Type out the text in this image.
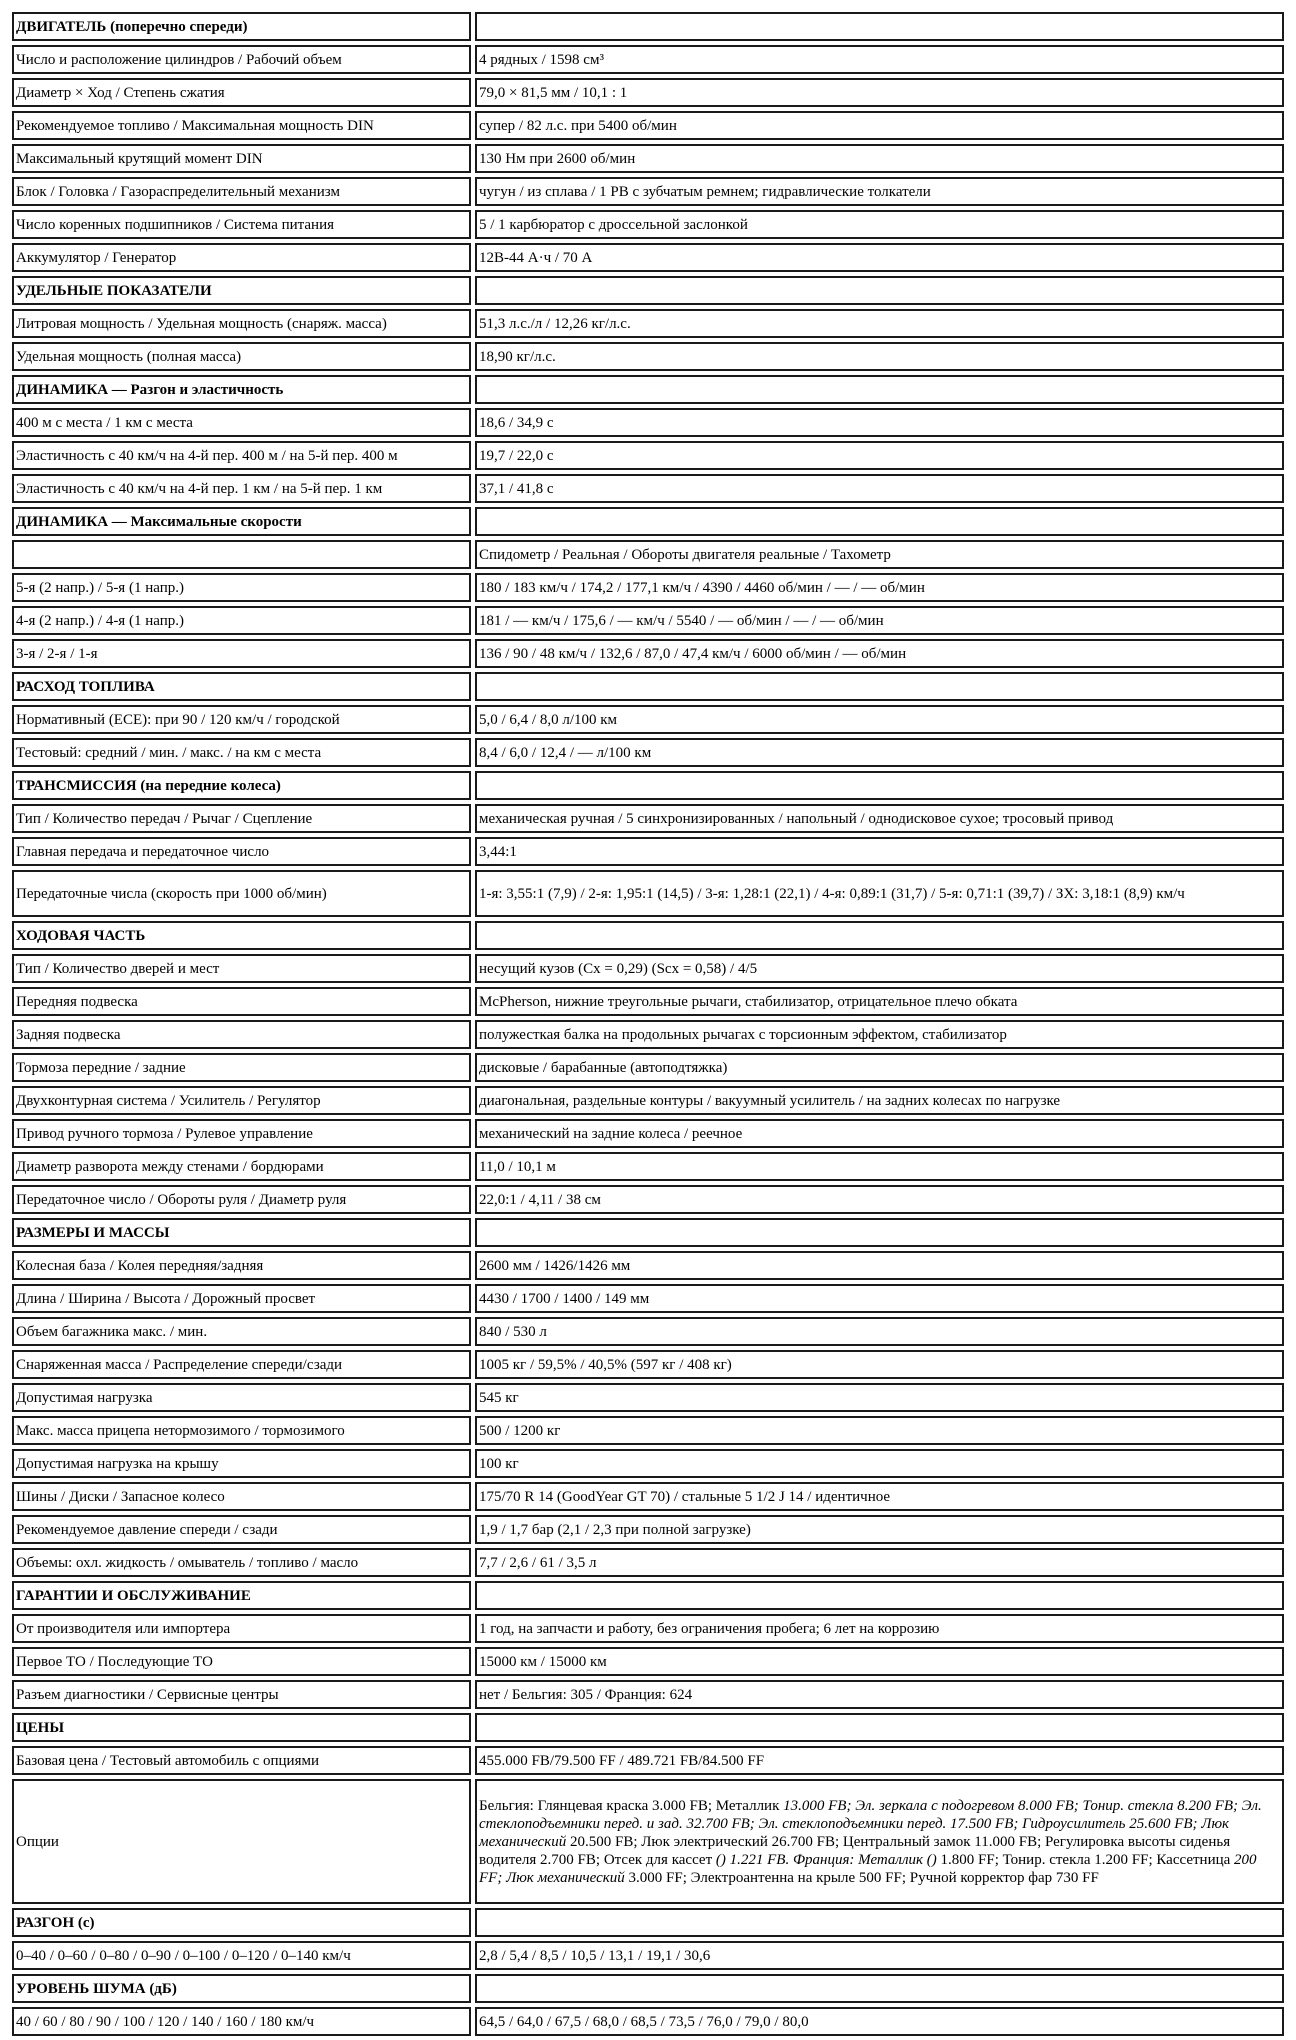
ДВИГАТЕЛЬ (поперечно спереди)	
Число и расположение цилиндров / Рабочий объем	4 рядных / 1598 см³
Диаметр × Ход / Степень сжатия	79,0 × 81,5 мм / 10,1 : 1
Рекомендуемое топливо / Максимальная мощность DIN	супер / 82 л.с. при 5400 об/мин
Максимальный крутящий момент DIN	130 Нм при 2600 об/мин
Блок / Головка / Газораспределительный механизм	чугун / из сплава / 1 РВ с зубчатым ремнем; гидравлические толкатели
Число коренных подшипников / Система питания	5 / 1 карбюратор с дроссельной заслонкой
Аккумулятор / Генератор	12В-44 А·ч / 70 А
УДЕЛЬНЫЕ ПОКАЗАТЕЛИ	
Литровая мощность / Удельная мощность (снаряж. масса)	51,3 л.с./л / 12,26 кг/л.с.
Удельная мощность (полная масса)	18,90 кг/л.с.
ДИНАМИКА — Разгон и эластичность	
400 м с места / 1 км с места	18,6 / 34,9 с
Эластичность с 40 км/ч на 4-й пер. 400 м / на 5-й пер. 400 м	19,7 / 22,0 с
Эластичность с 40 км/ч на 4-й пер. 1 км / на 5-й пер. 1 км	37,1 / 41,8 с
ДИНАМИКА — Максимальные скорости	
	Спидометр / Реальная / Обороты двигателя реальные / Тахометр
5-я (2 напр.) / 5-я (1 напр.)	180 / 183 км/ч / 174,2 / 177,1 км/ч / 4390 / 4460 об/мин / — / — об/мин
4-я (2 напр.) / 4-я (1 напр.)	181 / — км/ч / 175,6 / — км/ч / 5540 / — об/мин / — / — об/мин
3-я / 2-я / 1-я	136 / 90 / 48 км/ч / 132,6 / 87,0 / 47,4 км/ч / 6000 об/мин / — об/мин
РАСХОД ТОПЛИВА	
Нормативный (ЕСЕ): при 90 / 120 км/ч / городской	5,0 / 6,4 / 8,0 л/100 км
Тестовый: средний / мин. / макс. / на км с места	8,4 / 6,0 / 12,4 / — л/100 км
ТРАНСМИССИЯ (на передние колеса)	
Тип / Количество передач / Рычаг / Сцепление	механическая ручная / 5 синхронизированных / напольный / однодисковое сухое; тросовый привод
Главная передача и передаточное число	3,44:1
Передаточные числа (скорость при 1000 об/мин)	1-я: 3,55:1 (7,9) / 2-я: 1,95:1 (14,5) / 3-я: 1,28:1 (22,1) / 4-я: 0,89:1 (31,7) / 5-я: 0,71:1 (39,7) / ЗХ: 3,18:1 (8,9) км/ч
ХОДОВАЯ ЧАСТЬ	
Тип / Количество дверей и мест	несущий кузов (Cx = 0,29) (Scx = 0,58) / 4/5
Передняя подвеска	McPherson, нижние треугольные рычаги, стабилизатор, отрицательное плечо обката
Задняя подвеска	полужесткая балка на продольных рычагах с торсионным эффектом, стабилизатор
Тормоза передние / задние	дисковые / барабанные (автоподтяжка)
Двухконтурная система / Усилитель / Регулятор	диагональная, раздельные контуры / вакуумный усилитель / на задних колесах по нагрузке
Привод ручного тормоза / Рулевое управление	механический на задние колеса / реечное
Диаметр разворота между стенами / бордюрами	11,0 / 10,1 м
Передаточное число / Обороты руля / Диаметр руля	22,0:1 / 4,11 / 38 см
РАЗМЕРЫ И МАССЫ	
Колесная база / Колея передняя/задняя	2600 мм / 1426/1426 мм
Длина / Ширина / Высота / Дорожный просвет	4430 / 1700 / 1400 / 149 мм
Объем багажника макс. / мин.	840 / 530 л
Снаряженная масса / Распределение спереди/сзади	1005 кг / 59,5% / 40,5% (597 кг / 408 кг)
Допустимая нагрузка	545 кг
Макс. масса прицепа нетормозимого / тормозимого	500 / 1200 кг
Допустимая нагрузка на крышу	100 кг
Шины / Диски / Запасное колесо	175/70 R 14 (GoodYear GT 70) / стальные 5 1/2 J 14 / идентичное
Рекомендуемое давление спереди / сзади	1,9 / 1,7 бар (2,1 / 2,3 при полной загрузке)
Объемы: охл. жидкость / омыватель / топливо / масло	7,7 / 2,6 / 61 / 3,5 л
ГАРАНТИИ И ОБСЛУЖИВАНИЕ	
От производителя или импортера	1 год, на запчасти и работу, без ограничения пробега; 6 лет на коррозию
Первое ТО / Последующие ТО	15000 км / 15000 км
Разъем диагностики / Сервисные центры	нет / Бельгия: 305 / Франция: 624
ЦЕНЫ	
Базовая цена / Тестовый автомобиль с опциями	455.000 FB/79.500 FF / 489.721 FB/84.500 FF
Опции	Бельгия: Глянцевая краска 3.000 FB; Металлик 13.000 FB; Эл. зеркала с подогревом 8.000 FB; Тонир. стекла 8.200 FB; Эл. стеклоподъемники перед. и зад. 32.700 FB; Эл. стеклоподъемники перед. 17.500 FB; Гидроусилитель 25.600 FB; Люк механический 20.500 FB; Люк электрический 26.700 FB; Центральный замок 11.000 FB; Регулировка высоты сиденья водителя 2.700 FB; Отсек для кассет () 1.221 FB. Франция: Металлик () 1.800 FF; Тонир. стекла 1.200 FF; Кассетница 200 FF; Люк механический 3.000 FF; Электроантенна на крыле 500 FF; Ручной корректор фар 730 FF
РАЗГОН (с)	
0–40 / 0–60 / 0–80 / 0–90 / 0–100 / 0–120 / 0–140 км/ч	2,8 / 5,4 / 8,5 / 10,5 / 13,1 / 19,1 / 30,6
УРОВЕНЬ ШУМА (дБ)	
40 / 60 / 80 / 90 / 100 / 120 / 140 / 160 / 180 км/ч	64,5 / 64,0 / 67,5 / 68,0 / 68,5 / 73,5 / 76,0 / 79,0 / 80,0
